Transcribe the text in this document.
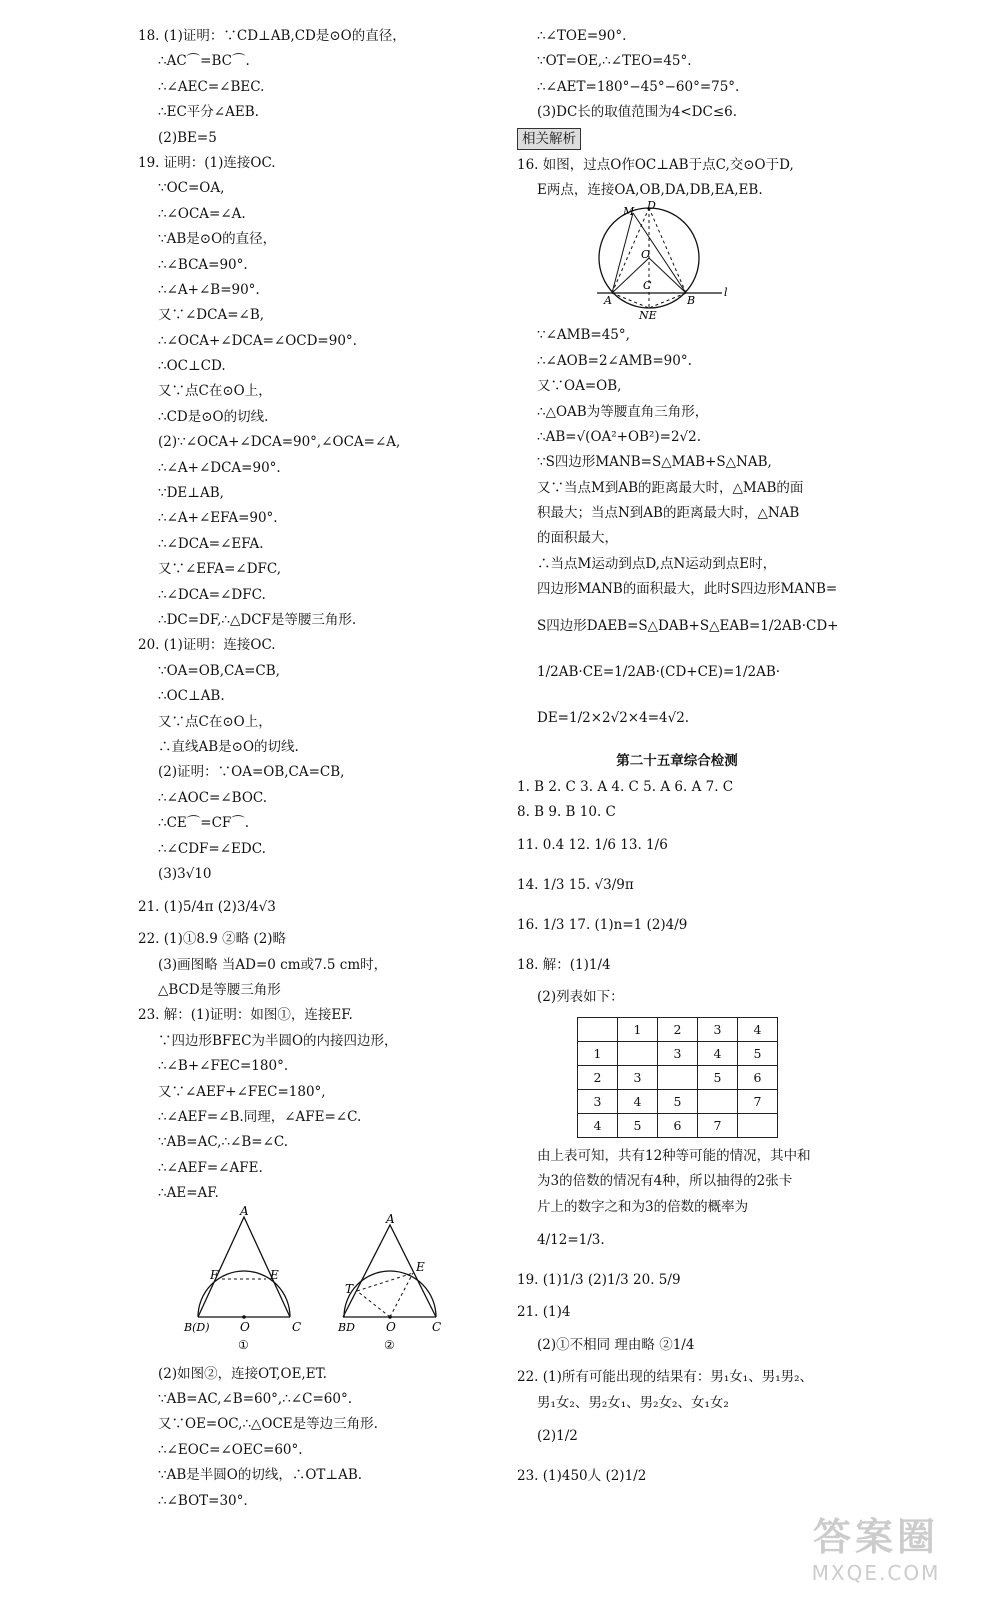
18. (1)证明：∵CD⊥AB,CD是⊙O的直径，
∴AC⌒=BC⌒.
∴∠AEC=∠BEC.
∴EC平分∠AEB.
(2)BE=5
19. 证明：(1)连接OC.
∵OC=OA,
∴∠OCA=∠A.
∵AB是⊙O的直径，
∴∠BCA=90°.
∴∠A+∠B=90°.
又∵∠DCA=∠B,
∴∠OCA+∠DCA=∠OCD=90°.
∴OC⊥CD.
又∵点C在⊙O上，
∴CD是⊙O的切线.
(2)∵∠OCA+∠DCA=90°,∠OCA=∠A,
∴∠A+∠DCA=90°.
∵DE⊥AB,
∴∠A+∠EFA=90°.
∴∠DCA=∠EFA.
又∵∠EFA=∠DFC,
∴∠DCA=∠DFC.
∴DC=DF,∴△DCF是等腰三角形.
20. (1)证明：连接OC.
∵OA=OB,CA=CB,
∴OC⊥AB.
又∵点C在⊙O上，
∴直线AB是⊙O的切线.
(2)证明：∵OA=OB,CA=CB,
∴∠AOC=∠BOC.
∴CE⌒=CF⌒.
∴∠CDF=∠EDC.
(3)3√10
21. (1)5/4π (2)3/4√3
22. (1)①8.9 ②略 (2)略
(3)画图略 当AD=0 cm或7.5 cm时，
△BCD是等腰三角形
23. 解：(1)证明：如图①，连接EF.
∵四边形BFEC为半圆O的内接四边形，
∴∠B+∠FEC=180°.
又∵∠AEF+∠FEC=180°,
∴∠AEF=∠B.同理，∠AFE=∠C.
∵AB=AC,∴∠B=∠C.
∴∠AEF=∠AFE.
∴AE=AF.
A
F	E
B(D)	O	C
①
A
E
T
BD	O	C
②
(2)如图②，连接OT,OE,ET.
∵AB=AC,∠B=60°,∴∠C=60°.
又∵OE=OC,∴△OCE是等边三角形.
∴∠EOC=∠OEC=60°.
∵AB是半圆O的切线，∴OT⊥AB.
∴∠BOT=30°.
∴∠TOE=90°.
∵OT=OE,∴∠TEO=45°.
∴∠AET=180°−45°−60°=75°.
(3)DC长的取值范围为4<DC≤6.
相关解析
16. 如图，过点O作OC⊥AB于点C,交⊙O于D,
E两点，连接OA,OB,DA,DB,EA,EB.
M D
O
C
A	B
l
NE
∵∠AMB=45°,
∴∠AOB=2∠AMB=90°.
又∵OA=OB,
∴△OAB为等腰直角三角形，
∴AB=√(OA²+OB²)=2√2.
∵S四边形MANB=S△MAB+S△NAB,
又∵当点M到AB的距离最大时，△MAB的面
积最大；当点N到AB的距离最大时，△NAB
的面积最大，
∴当点M运动到点D,点N运动到点E时，
四边形MANB的面积最大，此时S四边形MANB=
S四边形DAEB=S△DAB+S△EAB=1/2AB·CD+
1/2AB·CE=1/2AB·(CD+CE)=1/2AB·
DE=1/2×2√2×4=4√2.
第二十五章综合检测
1. B 2. C 3. A 4. C 5. A 6. A 7. C
8. B 9. B 10. C
11. 0.4 12. 1/6 13. 1/6
14. 1/3 15. √3/9π
16. 1/3 17. (1)n=1 (2)4/9
18. 解：(1)1/4
(2)列表如下：
	1	2	3	4
1		3	4	5
2	3		5	6
3	4	5		7
4	5	6	7	
由上表可知，共有12种等可能的情况，其中和
为3的倍数的情况有4种，所以抽得的2张卡
片上的数字之和为3的倍数的概率为
4/12=1/3.
19. (1)1/3 (2)1/3 20. 5/9
21. (1)4
(2)①不相同 理由略 ②1/4
22. (1)所有可能出现的结果有：男₁女₁、男₁男₂、
男₁女₂、男₂女₁、男₂女₂、女₁女₂
(2)1/2
23. (1)450人 (2)1/2
答案圈
MXQE.COM
